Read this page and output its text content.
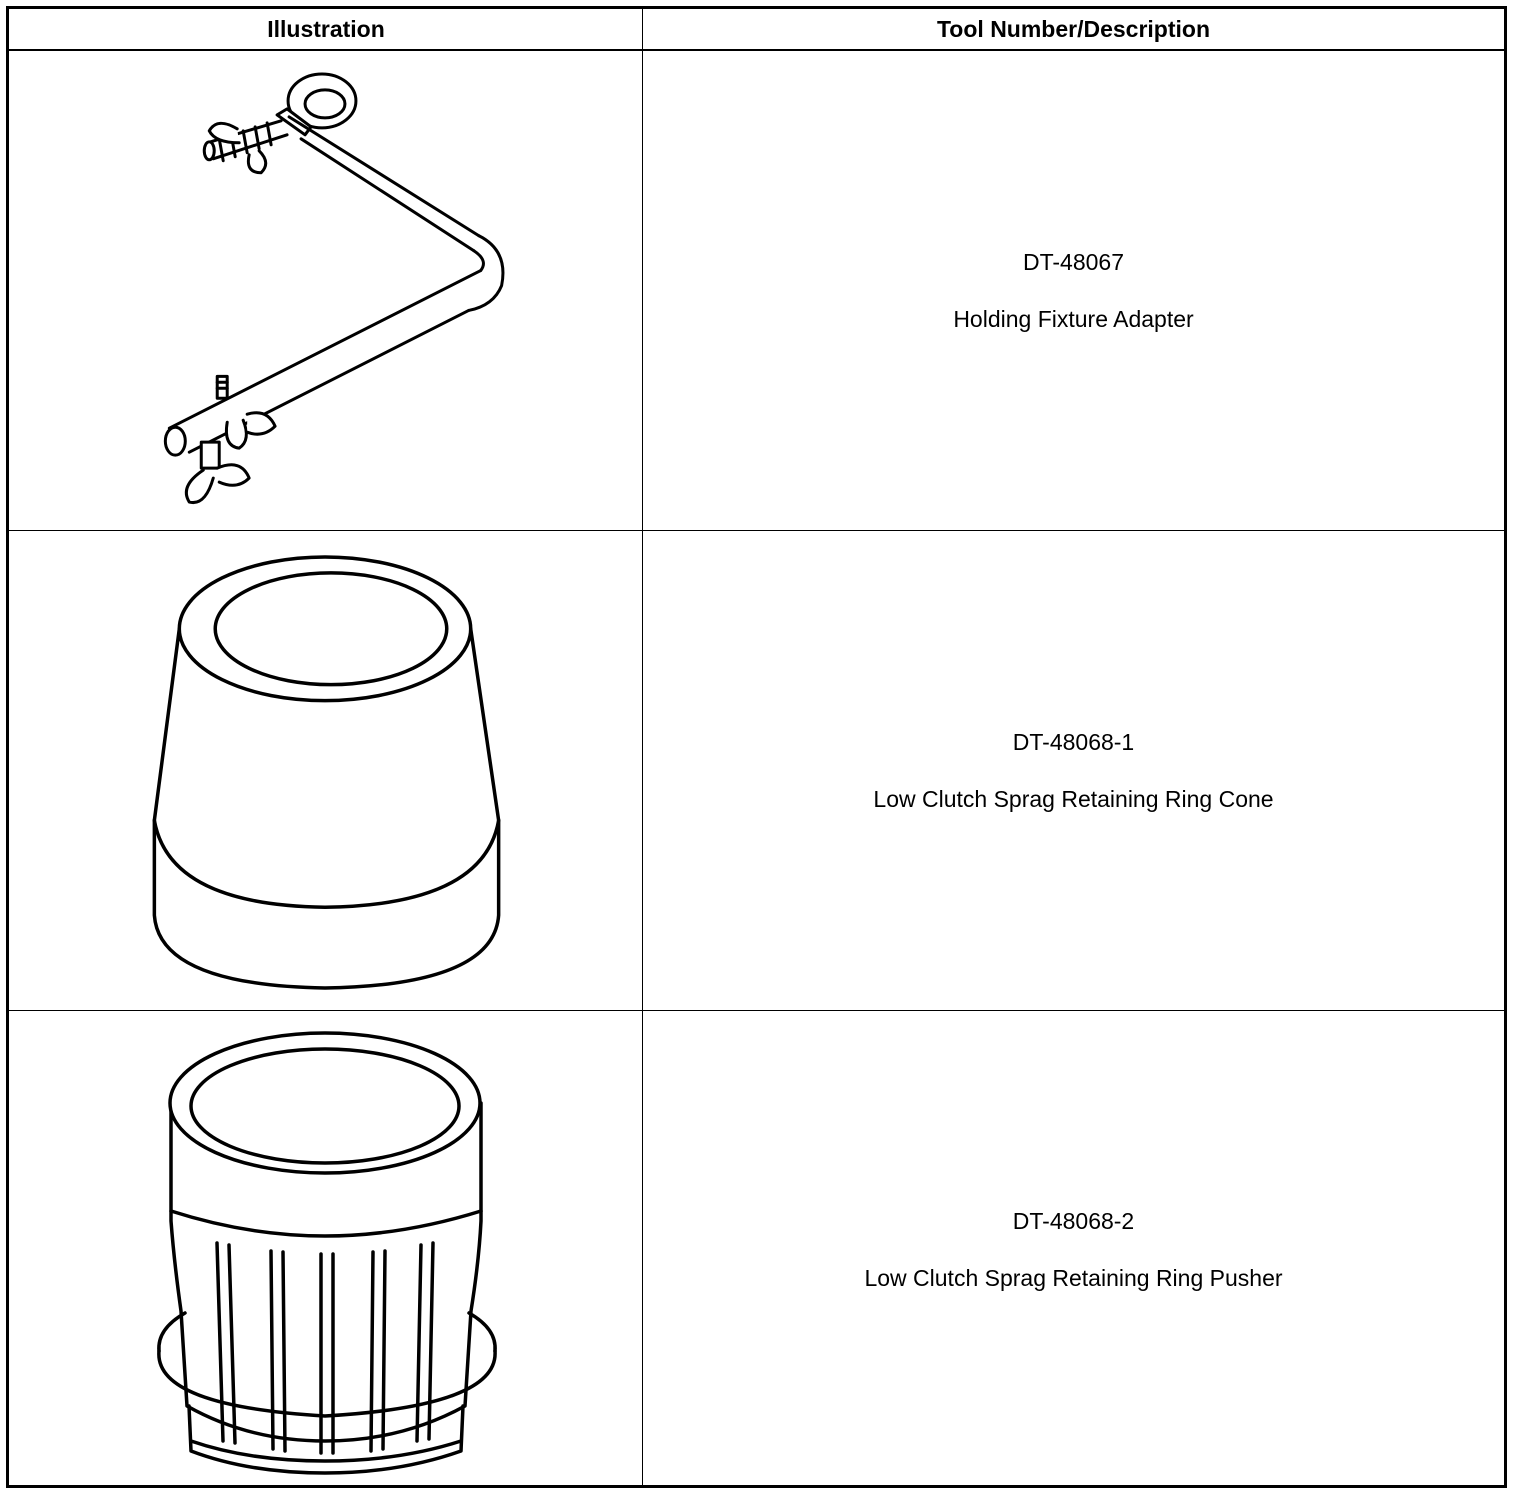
Illustration	Tool Number/Description
DT-48067
Holding Fixture Adapter
DT-48068-1
Low Clutch Sprag Retaining Ring Cone
DT-48068-2
Low Clutch Sprag Retaining Ring Pusher
